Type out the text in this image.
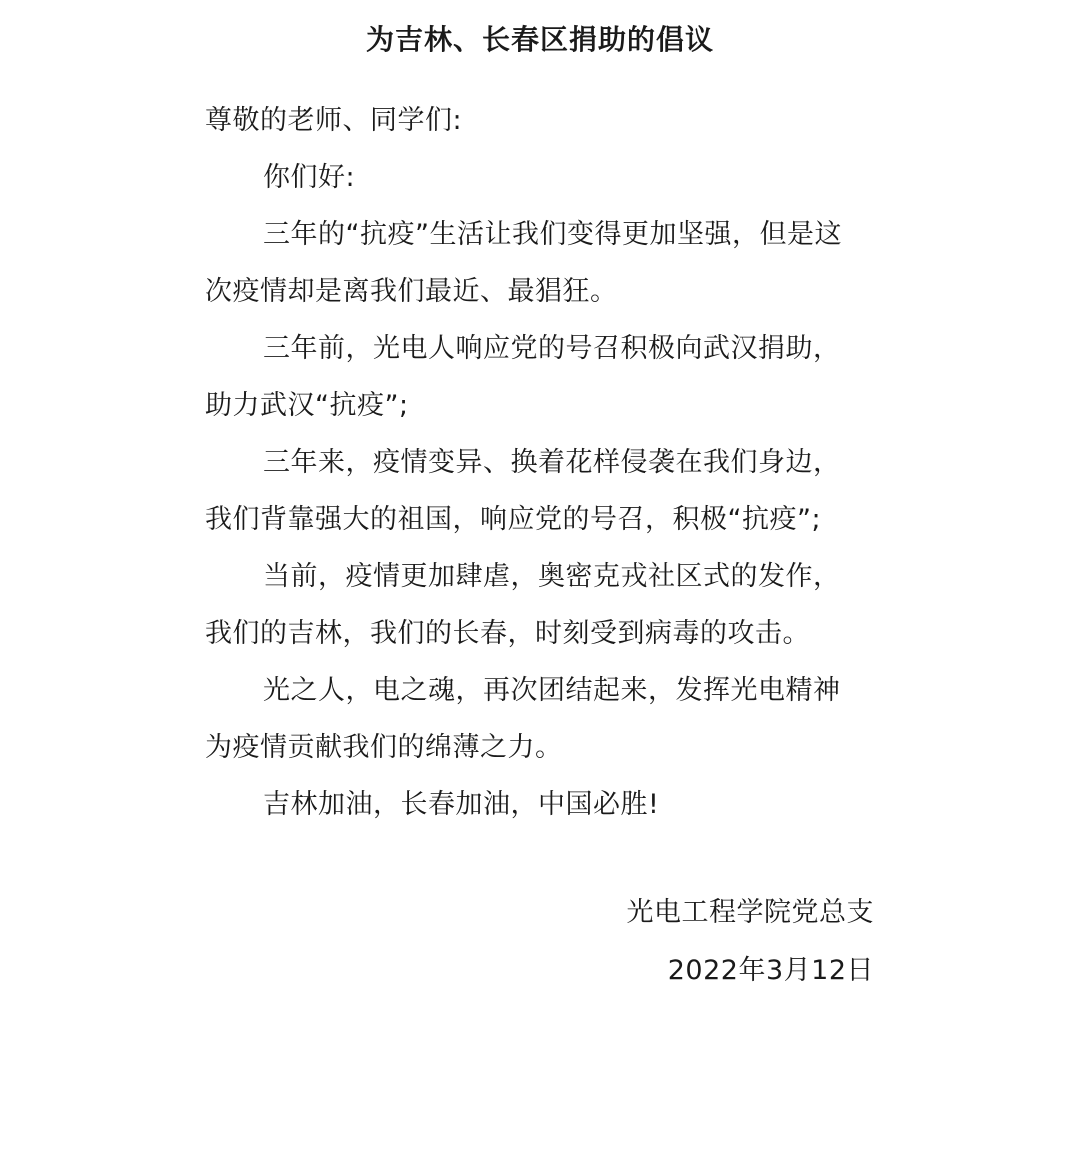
为吉林、长春区捐助的倡议
尊敬的老师、同学们:
你们好:
三年的“抗疫”生活让我们变得更加坚强，但是这
次疫情却是离我们最近、最猖狂。
三年前，光电人响应党的号召积极向武汉捐助，
助力武汉“抗疫”;
三年来，疫情变异、换着花样侵袭在我们身边，
我们背靠强大的祖国，响应党的号召，积极“抗疫”;
当前，疫情更加肆虐，奥密克戎社区式的发作，
我们的吉林，我们的长春，时刻受到病毒的攻击。
光之人，电之魂，再次团结起来，发挥光电精神
为疫情贡献我们的绵薄之力。
吉林加油，长春加油，中国必胜!
光电工程学院党总支
2022年3月12日
